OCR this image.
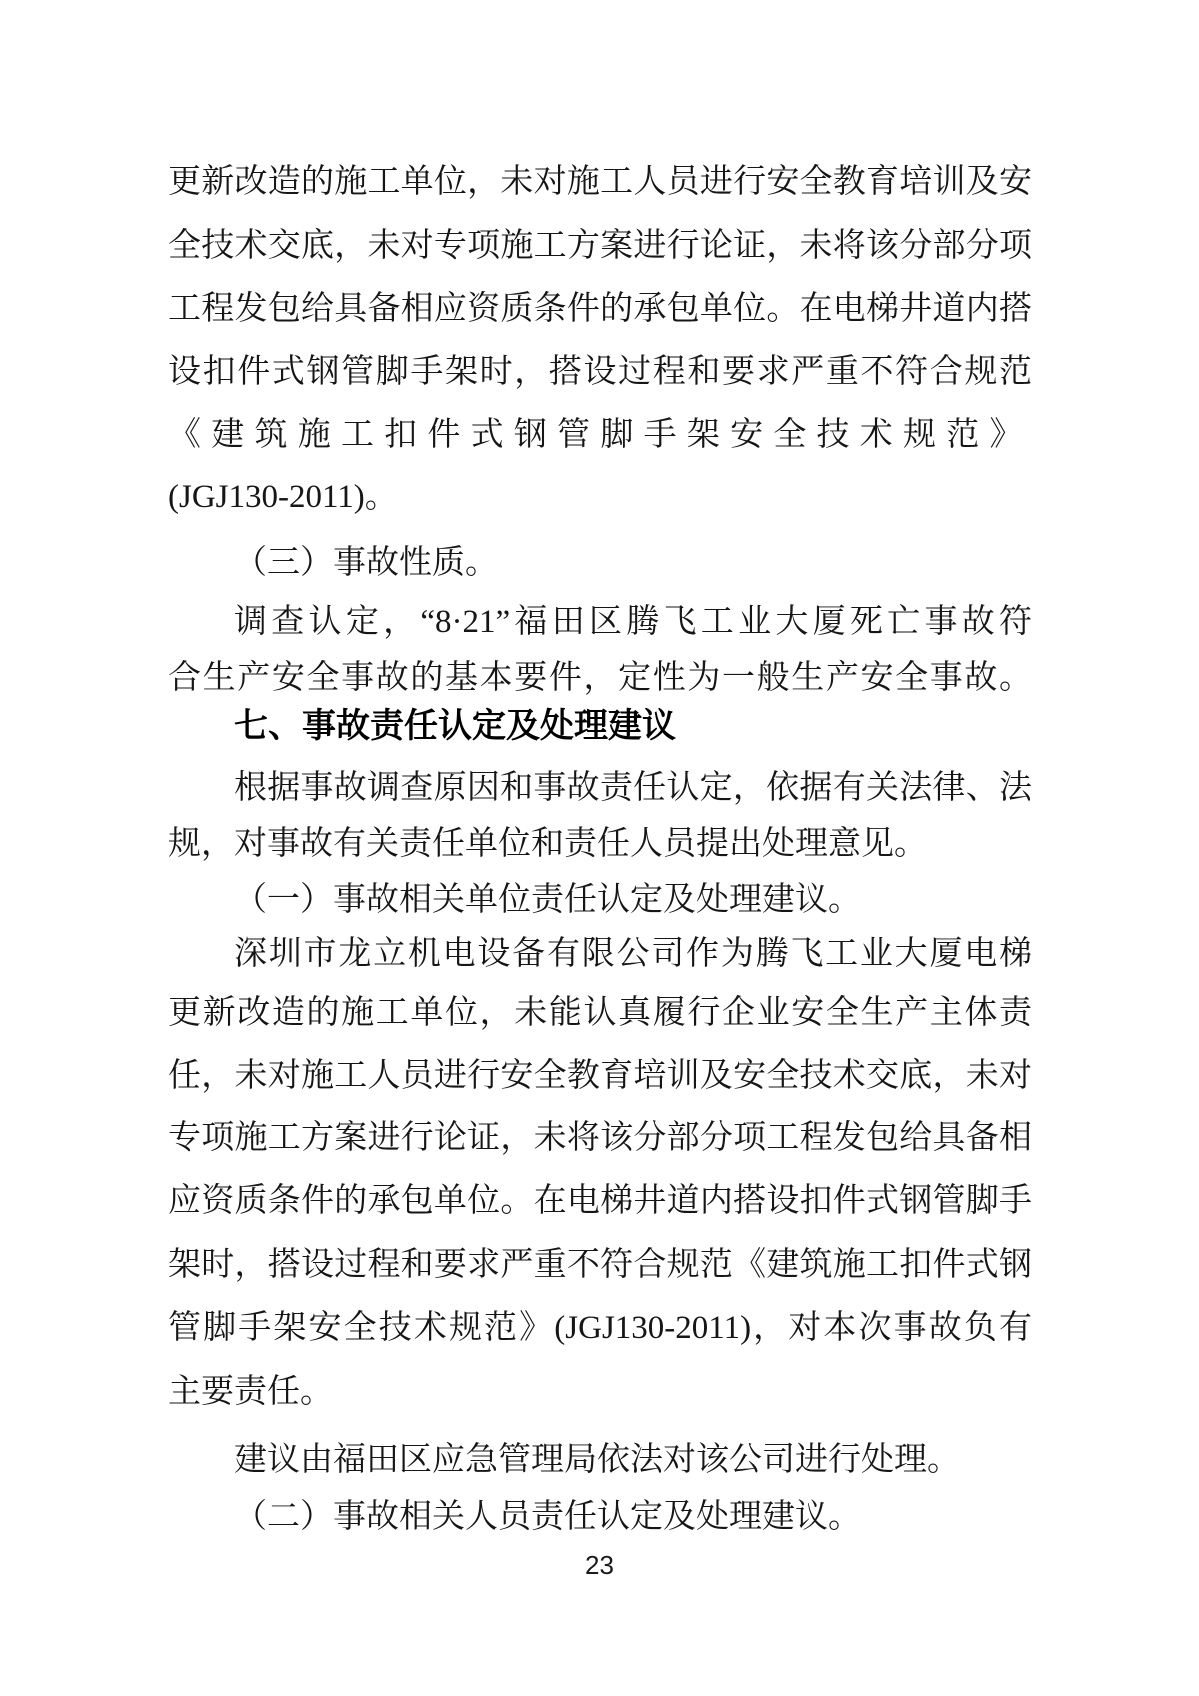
更新改造的施工单位，未对施工人员进行安全教育培训及安
全技术交底，未对专项施工方案进行论证，未将该分部分项
工程发包给具备相应资质条件的承包单位。在电梯井道内搭
设扣件式钢管脚手架时，搭设过程和要求严重不符合规范
《建筑施工扣件式钢管脚手架安全技术规范》
(JGJ130-2011)。
（三）事故性质。
调查认定，“8·21”福田区腾飞工业大厦死亡事故符
合生产安全事故的基本要件，定性为一般生产安全事故。
七、事故责任认定及处理建议
根据事故调查原因和事故责任认定，依据有关法律、法
规，对事故有关责任单位和责任人员提出处理意见。
（一）事故相关单位责任认定及处理建议。
深圳市龙立机电设备有限公司作为腾飞工业大厦电梯
更新改造的施工单位，未能认真履行企业安全生产主体责
任，未对施工人员进行安全教育培训及安全技术交底，未对
专项施工方案进行论证，未将该分部分项工程发包给具备相
应资质条件的承包单位。在电梯井道内搭设扣件式钢管脚手
架时，搭设过程和要求严重不符合规范《建筑施工扣件式钢
管脚手架安全技术规范》(JGJ130-2011)，对本次事故负有
主要责任。
建议由福田区应急管理局依法对该公司进行处理。
（二）事故相关人员责任认定及处理建议。
23
